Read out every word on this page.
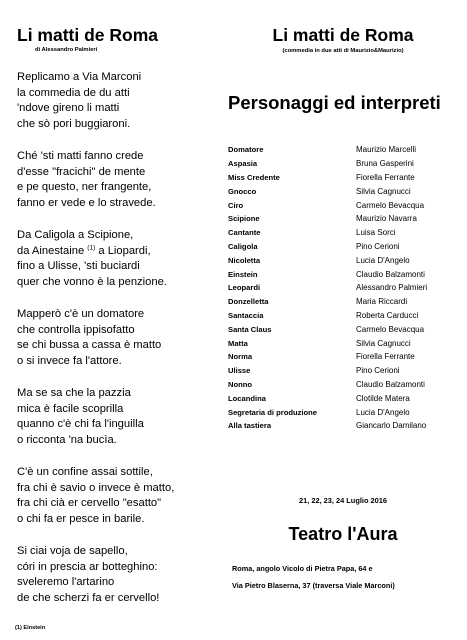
Li matti de Roma
di Alessandro Palmieri
Replicamo a Via Marconi
la commedia de du atti
'ndove gireno li matti
che sò pori buggiaroni.
Ché 'sti matti fanno crede
d'esse "fracichi" de mente
e pe questo, ner frangente,
fanno er vede e lo stravede.
Da Caligola a Scipione,
da Ainestaine $^{(1)}$ a Liopardi,
fino a Ulisse, 'sti buciardi
quer che vonno è la penzione.
Mapperò c'è un domatore
che controlla ippisofatto
se chi bussa a cassa è matto
o si invece fa l'attore.
Ma se sa che la pazzia
mica è facile scoprilla
quanno c'è chi fa l'inguilla
o ricconta 'na bucìa.
C'è un confine assai sottile,
fra chi è savio o invece è matto,
fra chi cià er cervello "esatto"
o chi fa er pesce in barile.
Si ciai voja de sapello,
córi in prescia ar botteghino:
sveleremo l'artarino
de che scherzi fa er cervello!
(1) Einstein
Li matti de Roma
(commedia in due atti di Maurizio&Maurizio)
Personaggi ed interpreti
Domatore	Maurizio Marcelli
Aspasia	Bruna Gasperini
Miss Credente	Fiorella Ferrante
Gnocco	Silvia Cagnucci
Ciro	Carmelo Bevacqua
Scipione	Maurizio Navarra
Cantante	Luisa Sorci
Caligola	Pino Cerioni
Nicoletta	Lucia D'Angelo
Einstein	Claudio Balzamonti
Leopardi	Alessandro Palmieri
Donzelletta	Maria Riccardi
Santaccia	Roberta Carducci
Santa Claus	Carmelo Bevacqua
Matta	Silvia Cagnucci
Norma	Fiorella Ferrante
Ulisse	Pino Cerioni
Nonno	Claudio Balzamonti
Locandina	Clotilde Matera
Segretaria di produzione	Lucia D'Angelo
Alla tastiera	Giancarlo Damilano
21, 22, 23, 24 Luglio 2016
Teatro l'Aura
Roma, angolo Vicolo di Pietra Papa, 64 e
Via Pietro Blaserna, 37 (traversa Viale Marconi)
